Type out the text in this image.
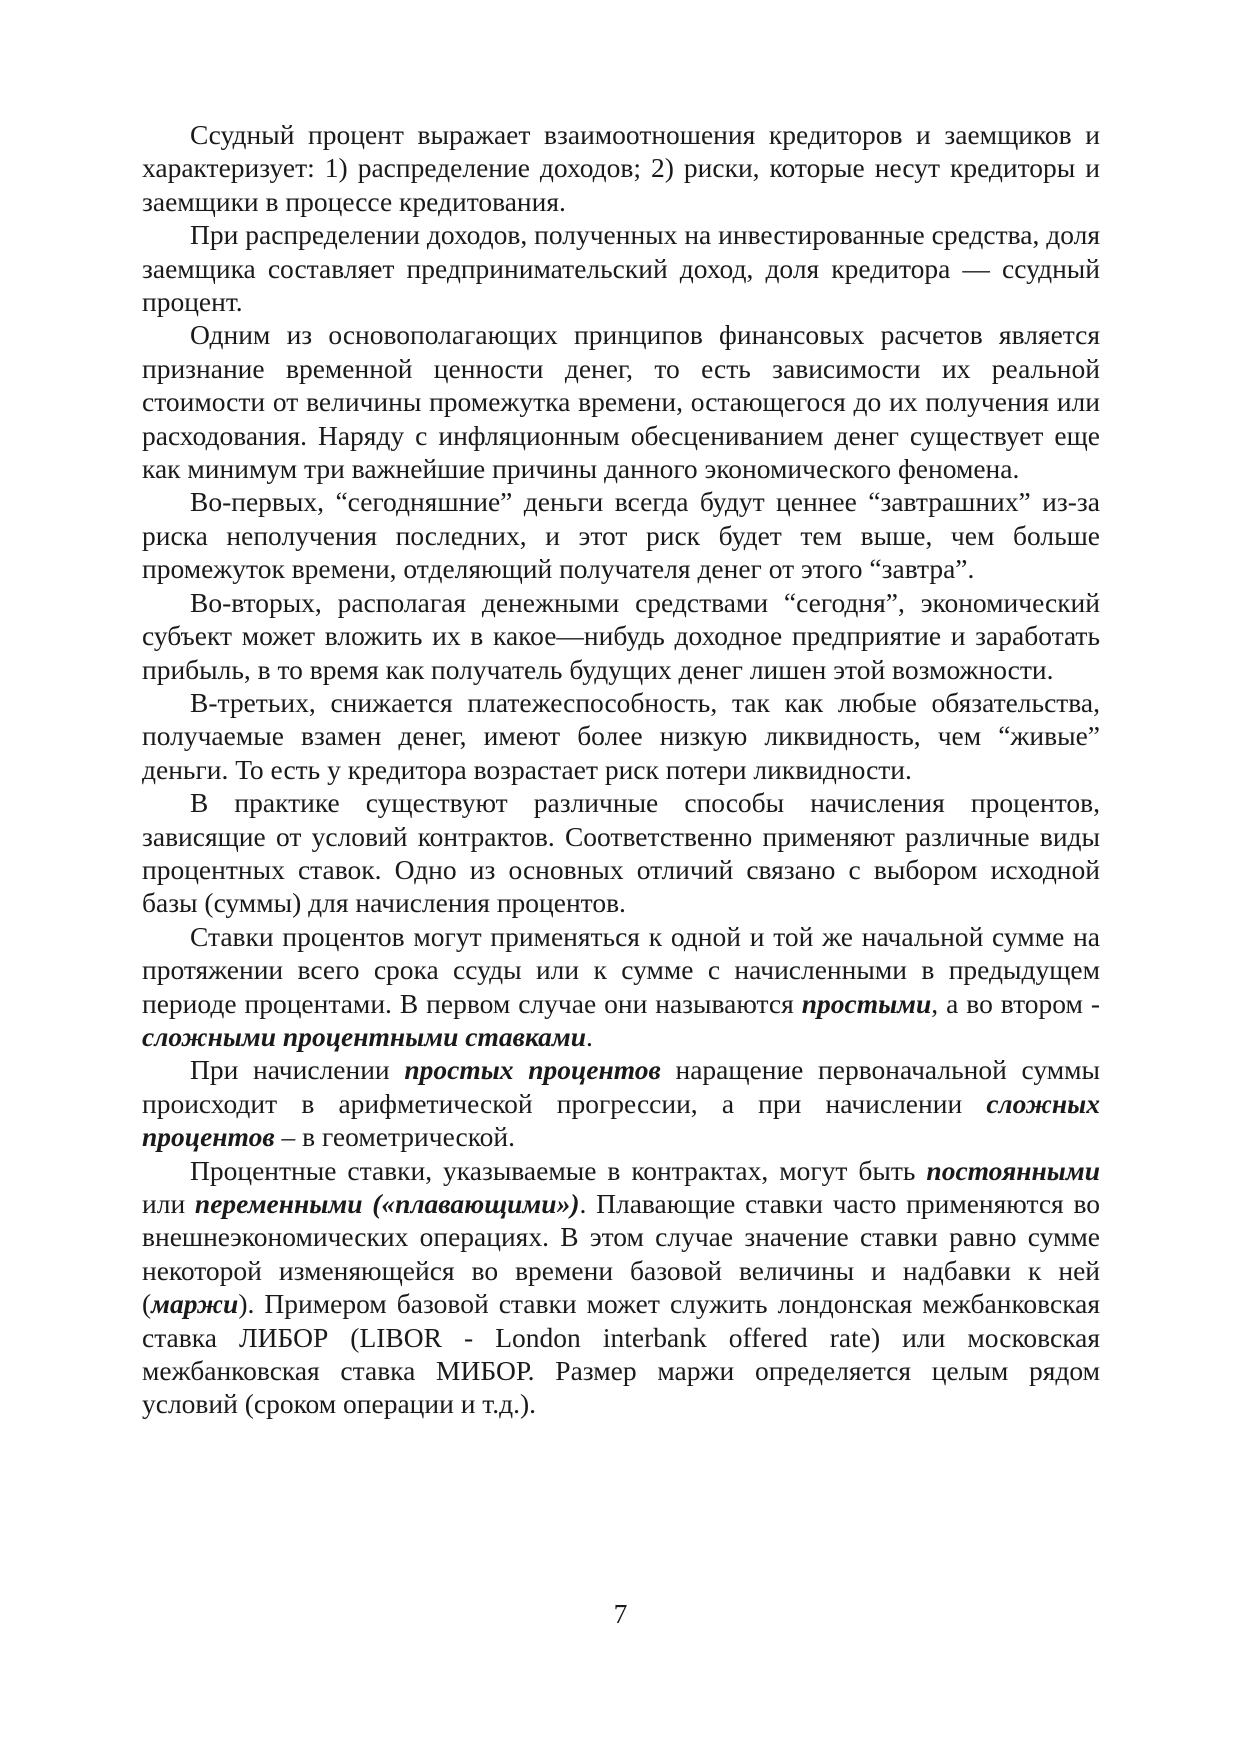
Ссудный процент выражает взаимоотношения кредиторов и заемщиков и характеризует: 1) распределение доходов; 2) риски, которые несут кредиторы и заемщики в процессе кредитования.

При распределении доходов, полученных на инвестированные средства, доля заемщика составляет предпринимательский доход, доля кредитора — ссудный процент.

Одним из основополагающих принципов финансовых расчетов является признание временной ценности денег, то есть зависимости их реальной стоимости от величины промежутка времени, остающегося до их получения или расходования. Наряду с инфляционным обесцениванием денег существует еще как минимум три важнейшие причины данного экономического феномена.

Во-первых, “сегодняшние” деньги всегда будут ценнее “завтрашних” из-за риска неполучения последних, и этот риск будет тем выше, чем больше промежуток времени, отделяющий получателя денег от этого “завтра”.

Во-вторых, располагая денежными средствами “сегодня”, экономический субъект может вложить их в какое—нибудь доходное предприятие и заработать прибыль, в то время как получатель будущих денег лишен этой возможности.

В-третьих, снижается платежеспособность, так как любые обязательства, получаемые взамен денег, имеют более низкую ликвидность, чем “живые” деньги. То есть у кредитора возрастает риск потери ликвидности.

В практике существуют различные способы начисления процентов, зависящие от условий контрактов. Соответственно применяют различные виды процентных ставок. Одно из основных отличий связано с выбором исходной базы (суммы) для начисления процентов.

Ставки процентов могут применяться к одной и той же начальной сумме на протяжении всего срока ссуды или к сумме с начисленными в предыдущем периоде процентами. В первом случае они называются простыми, а во втором - сложными процентными ставками.

При начислении простых процентов наращение первоначальной суммы происходит в арифметической прогрессии, а при начислении сложных процентов – в геометрической.

Процентные ставки, указываемые в контрактах, могут быть постоянными или переменными («плавающими»). Плавающие ставки часто применяются во внешнеэкономических операциях. В этом случае значение ставки равно сумме некоторой изменяющейся во времени базовой величины и надбавки к ней (маржи). Примером базовой ставки может служить лондонская межбанковская ставка ЛИБОР (LIBOR - London interbank offered rate) или московская межбанковская ставка МИБОР. Размер маржи определяется целым рядом условий (сроком операции и т.д.).

7
